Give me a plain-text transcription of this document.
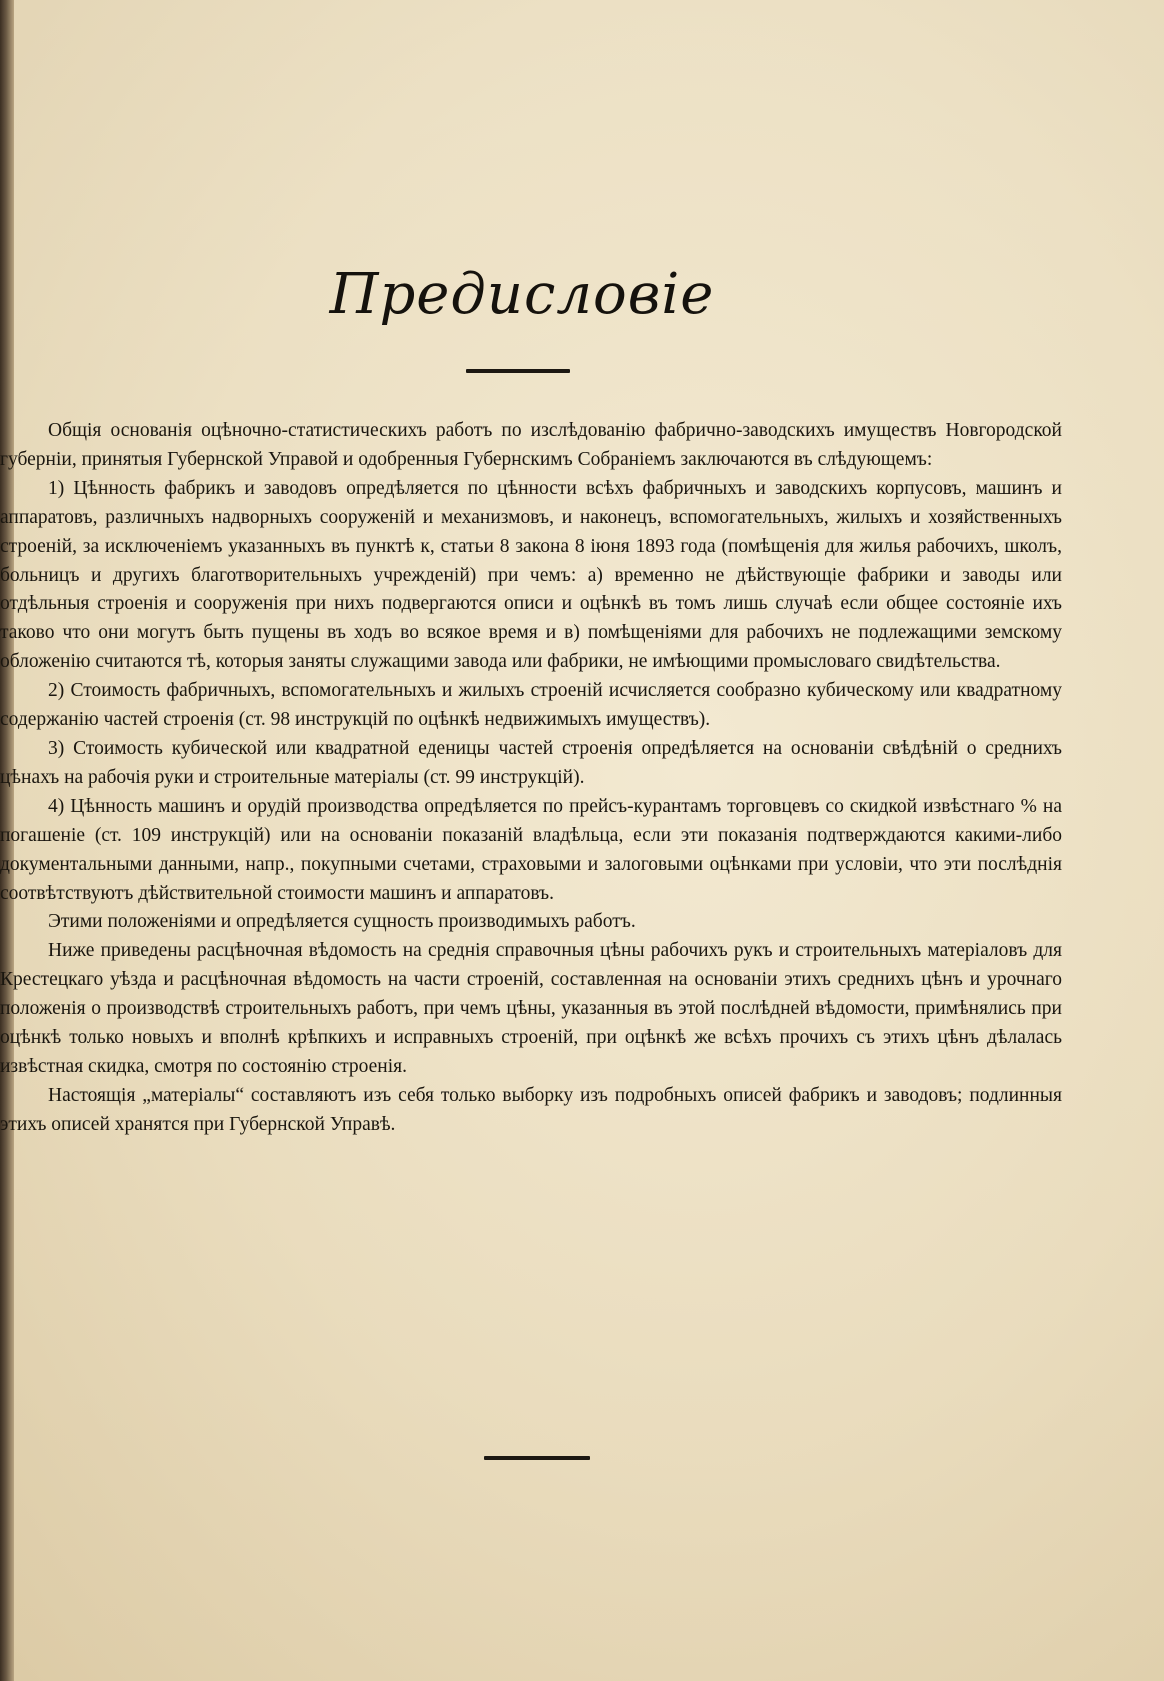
Предисловіе

Общія основанія оцѣночно-статистическихъ работъ по изслѣдованію фабрично-заводскихъ имуществъ Новгородской губерніи, принятыя Губернской Управой и одобренныя Губернскимъ Собраніемъ заключаются въ слѣдующемъ:

1) Цѣнность фабрикъ и заводовъ опредѣляется по цѣнности всѣхъ фабричныхъ и заводскихъ корпусовъ, машинъ и аппаратовъ, различныхъ надворныхъ сооруженій и механизмовъ, и наконецъ, вспомогательныхъ, жилыхъ и хозяйственныхъ строеній, за исключеніемъ указанныхъ въ пунктѣ к, статьи 8 закона 8 іюня 1893 года (помѣщенія для жилья рабочихъ, школъ, больницъ и другихъ благотворительныхъ учрежденій) при чемъ: а) временно не дѣйствующіе фабрики и заводы или отдѣльныя строенія и сооруженія при нихъ подвергаются описи и оцѣнкѣ въ томъ лишь случаѣ если общее состояніе ихъ таково что они могутъ быть пущены въ ходъ во всякое время и в) помѣщеніями для рабочихъ не подлежащими земскому обложенію считаются тѣ, которыя заняты служащими завода или фабрики, не имѣющими промысловаго свидѣтельства.

2) Стоимость фабричныхъ, вспомогательныхъ и жилыхъ строеній исчисляется сообразно кубическому или квадратному содержанію частей строенія (ст. 98 инструкцій по оцѣнкѣ недвижимыхъ имуществъ).

3) Стоимость кубической или квадратной еденицы частей строенія опредѣляется на основаніи свѣдѣній о среднихъ цѣнахъ на рабочія руки и строительные матеріалы (ст. 99 инструкцій).

4) Цѣнность машинъ и орудій производства опредѣляется по прейсъ-курантамъ торговцевъ со скидкой извѣстнаго % на погашеніе (ст. 109 инструкцій) или на основаніи показаній владѣльца, если эти показанія подтверждаются какими-либо документальными данными, напр., покупными счетами, страховыми и залоговыми оцѣнками при условіи, что эти послѣднія соотвѣтствуютъ дѣйствительной стоимости машинъ и аппаратовъ.

Этими положеніями и опредѣляется сущность производимыхъ работъ.

Ниже приведены расцѣночная вѣдомость на среднія справочныя цѣны рабочихъ рукъ и строительныхъ матеріаловъ для Крестецкаго уѣзда и расцѣночная вѣдомость на части строеній, составленная на основаніи этихъ среднихъ цѣнъ и урочнаго положенія о производствѣ строительныхъ работъ, при чемъ цѣны, указанныя въ этой послѣдней вѣдомости, примѣнялись при оцѣнкѣ только новыхъ и вполнѣ крѣпкихъ и исправныхъ строеній, при оцѣнкѣ же всѣхъ прочихъ съ этихъ цѣнъ дѣлалась извѣстная скидка, смотря по состоянію строенія.

Настоящія „матеріалы“ составляютъ изъ себя только выборку изъ подробныхъ описей фабрикъ и заводовъ; подлинныя этихъ описей хранятся при Губернской Управѣ.
